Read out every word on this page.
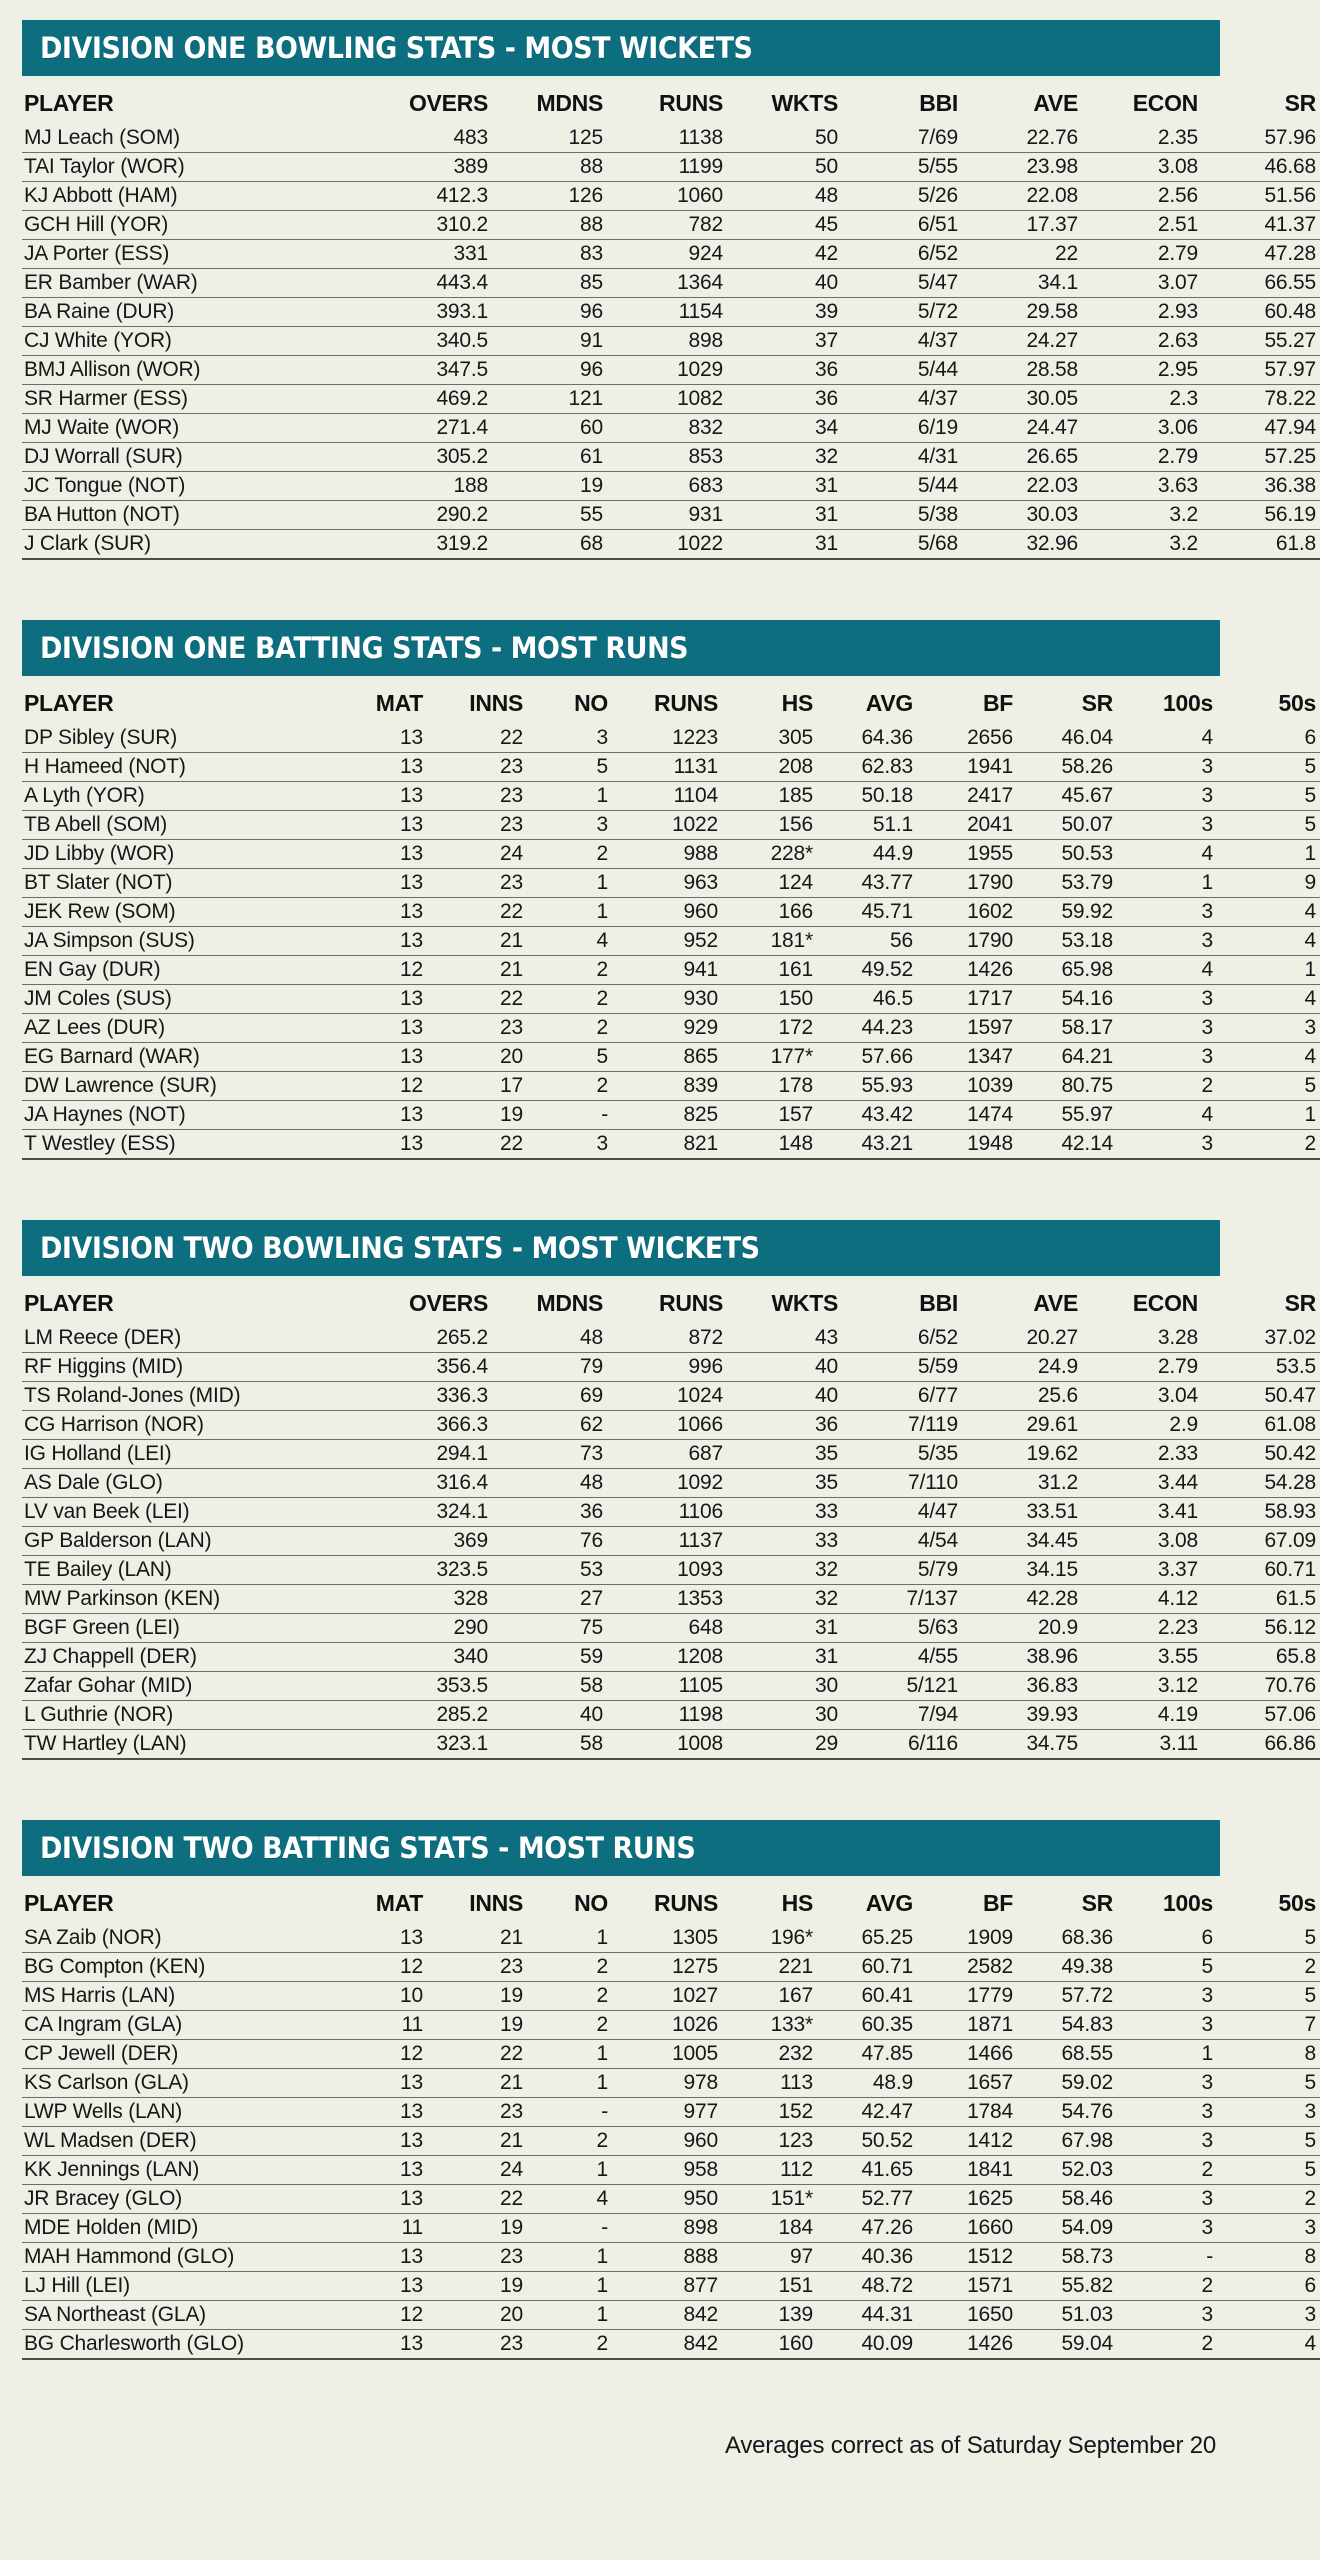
DIVISION ONE BOWLING STATS - MOST WICKETS
PLAYER	OVERS	MDNS	RUNS	WKTS	BBI	AVE	ECON	SR
MJ Leach (SOM)	483	125	1138	50	7/69	22.76	2.35	57.96
TAI Taylor (WOR)	389	88	1199	50	5/55	23.98	3.08	46.68
KJ Abbott (HAM)	412.3	126	1060	48	5/26	22.08	2.56	51.56
GCH Hill (YOR)	310.2	88	782	45	6/51	17.37	2.51	41.37
JA Porter (ESS)	331	83	924	42	6/52	22	2.79	47.28
ER Bamber (WAR)	443.4	85	1364	40	5/47	34.1	3.07	66.55
BA Raine (DUR)	393.1	96	1154	39	5/72	29.58	2.93	60.48
CJ White (YOR)	340.5	91	898	37	4/37	24.27	2.63	55.27
BMJ Allison (WOR)	347.5	96	1029	36	5/44	28.58	2.95	57.97
SR Harmer (ESS)	469.2	121	1082	36	4/37	30.05	2.3	78.22
MJ Waite (WOR)	271.4	60	832	34	6/19	24.47	3.06	47.94
DJ Worrall (SUR)	305.2	61	853	32	4/31	26.65	2.79	57.25
JC Tongue (NOT)	188	19	683	31	5/44	22.03	3.63	36.38
BA Hutton (NOT)	290.2	55	931	31	5/38	30.03	3.2	56.19
J Clark (SUR)	319.2	68	1022	31	5/68	32.96	3.2	61.8
DIVISION ONE BATTING STATS - MOST RUNS
PLAYER	MAT	INNS	NO	RUNS	HS	AVG	BF	SR	100s	50s
DP Sibley (SUR)	13	22	3	1223	305	64.36	2656	46.04	4	6
H Hameed (NOT)	13	23	5	1131	208	62.83	1941	58.26	3	5
A Lyth (YOR)	13	23	1	1104	185	50.18	2417	45.67	3	5
TB Abell (SOM)	13	23	3	1022	156	51.1	2041	50.07	3	5
JD Libby (WOR)	13	24	2	988	228*	44.9	1955	50.53	4	1
BT Slater (NOT)	13	23	1	963	124	43.77	1790	53.79	1	9
JEK Rew (SOM)	13	22	1	960	166	45.71	1602	59.92	3	4
JA Simpson (SUS)	13	21	4	952	181*	56	1790	53.18	3	4
EN Gay (DUR)	12	21	2	941	161	49.52	1426	65.98	4	1
JM Coles (SUS)	13	22	2	930	150	46.5	1717	54.16	3	4
AZ Lees (DUR)	13	23	2	929	172	44.23	1597	58.17	3	3
EG Barnard (WAR)	13	20	5	865	177*	57.66	1347	64.21	3	4
DW Lawrence (SUR)	12	17	2	839	178	55.93	1039	80.75	2	5
JA Haynes (NOT)	13	19	-	825	157	43.42	1474	55.97	4	1
T Westley (ESS)	13	22	3	821	148	43.21	1948	42.14	3	2
DIVISION TWO BOWLING STATS - MOST WICKETS
PLAYER	OVERS	MDNS	RUNS	WKTS	BBI	AVE	ECON	SR
LM Reece (DER)	265.2	48	872	43	6/52	20.27	3.28	37.02
RF Higgins (MID)	356.4	79	996	40	5/59	24.9	2.79	53.5
TS Roland-Jones (MID)	336.3	69	1024	40	6/77	25.6	3.04	50.47
CG Harrison (NOR)	366.3	62	1066	36	7/119	29.61	2.9	61.08
IG Holland (LEI)	294.1	73	687	35	5/35	19.62	2.33	50.42
AS Dale (GLO)	316.4	48	1092	35	7/110	31.2	3.44	54.28
LV van Beek (LEI)	324.1	36	1106	33	4/47	33.51	3.41	58.93
GP Balderson (LAN)	369	76	1137	33	4/54	34.45	3.08	67.09
TE Bailey (LAN)	323.5	53	1093	32	5/79	34.15	3.37	60.71
MW Parkinson (KEN)	328	27	1353	32	7/137	42.28	4.12	61.5
BGF Green (LEI)	290	75	648	31	5/63	20.9	2.23	56.12
ZJ Chappell (DER)	340	59	1208	31	4/55	38.96	3.55	65.8
Zafar Gohar (MID)	353.5	58	1105	30	5/121	36.83	3.12	70.76
L Guthrie (NOR)	285.2	40	1198	30	7/94	39.93	4.19	57.06
TW Hartley (LAN)	323.1	58	1008	29	6/116	34.75	3.11	66.86
DIVISION TWO BATTING STATS - MOST RUNS
PLAYER	MAT	INNS	NO	RUNS	HS	AVG	BF	SR	100s	50s
SA Zaib (NOR)	13	21	1	1305	196*	65.25	1909	68.36	6	5
BG Compton (KEN)	12	23	2	1275	221	60.71	2582	49.38	5	2
MS Harris (LAN)	10	19	2	1027	167	60.41	1779	57.72	3	5
CA Ingram (GLA)	11	19	2	1026	133*	60.35	1871	54.83	3	7
CP Jewell (DER)	12	22	1	1005	232	47.85	1466	68.55	1	8
KS Carlson (GLA)	13	21	1	978	113	48.9	1657	59.02	3	5
LWP Wells (LAN)	13	23	-	977	152	42.47	1784	54.76	3	3
WL Madsen (DER)	13	21	2	960	123	50.52	1412	67.98	3	5
KK Jennings (LAN)	13	24	1	958	112	41.65	1841	52.03	2	5
JR Bracey (GLO)	13	22	4	950	151*	52.77	1625	58.46	3	2
MDE Holden (MID)	11	19	-	898	184	47.26	1660	54.09	3	3
MAH Hammond (GLO)	13	23	1	888	97	40.36	1512	58.73	-	8
LJ Hill (LEI)	13	19	1	877	151	48.72	1571	55.82	2	6
SA Northeast (GLA)	12	20	1	842	139	44.31	1650	51.03	3	3
BG Charlesworth (GLO)	13	23	2	842	160	40.09	1426	59.04	2	4
Averages correct as of Saturday September 20
